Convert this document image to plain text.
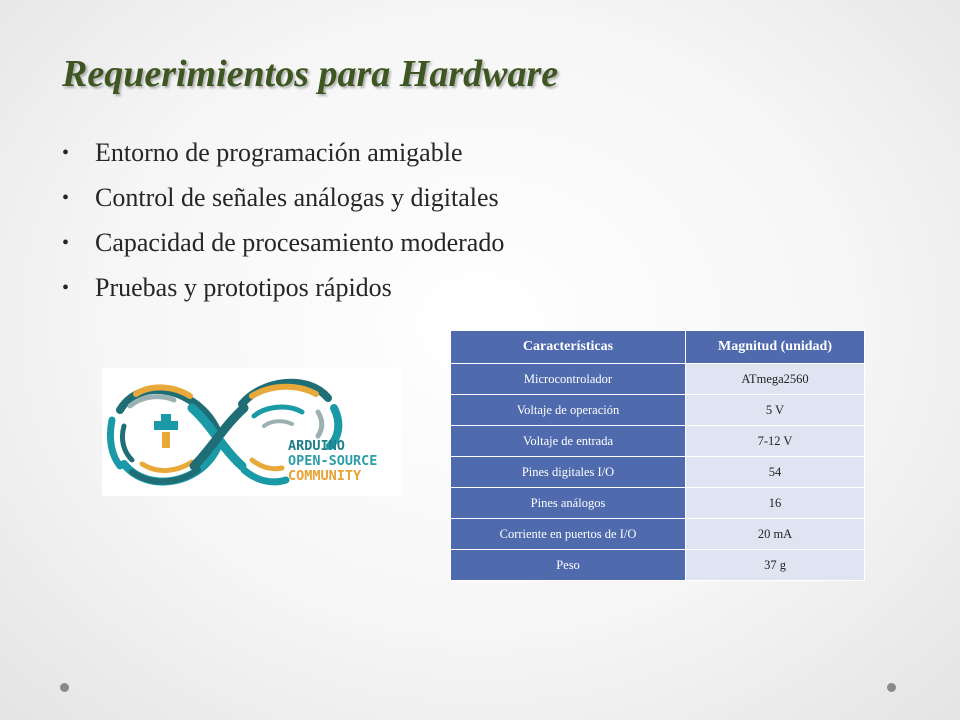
Requerimientos para Hardware
• Entorno de programación amigable
• Control de señales análogas y digitales
• Capacidad de procesamiento moderado
• Pruebas y prototipos rápidos
ARDUINO
OPEN-SOURCE
COMMUNITY
Características	Magnitud (unidad)
Microcontrolador	ATmega2560
Voltaje de operación	5 V
Voltaje de entrada	7-12 V
Pines digitales I/O	54
Pines análogos	16
Corriente en puertos de I/O	20 mA
Peso	37 g
